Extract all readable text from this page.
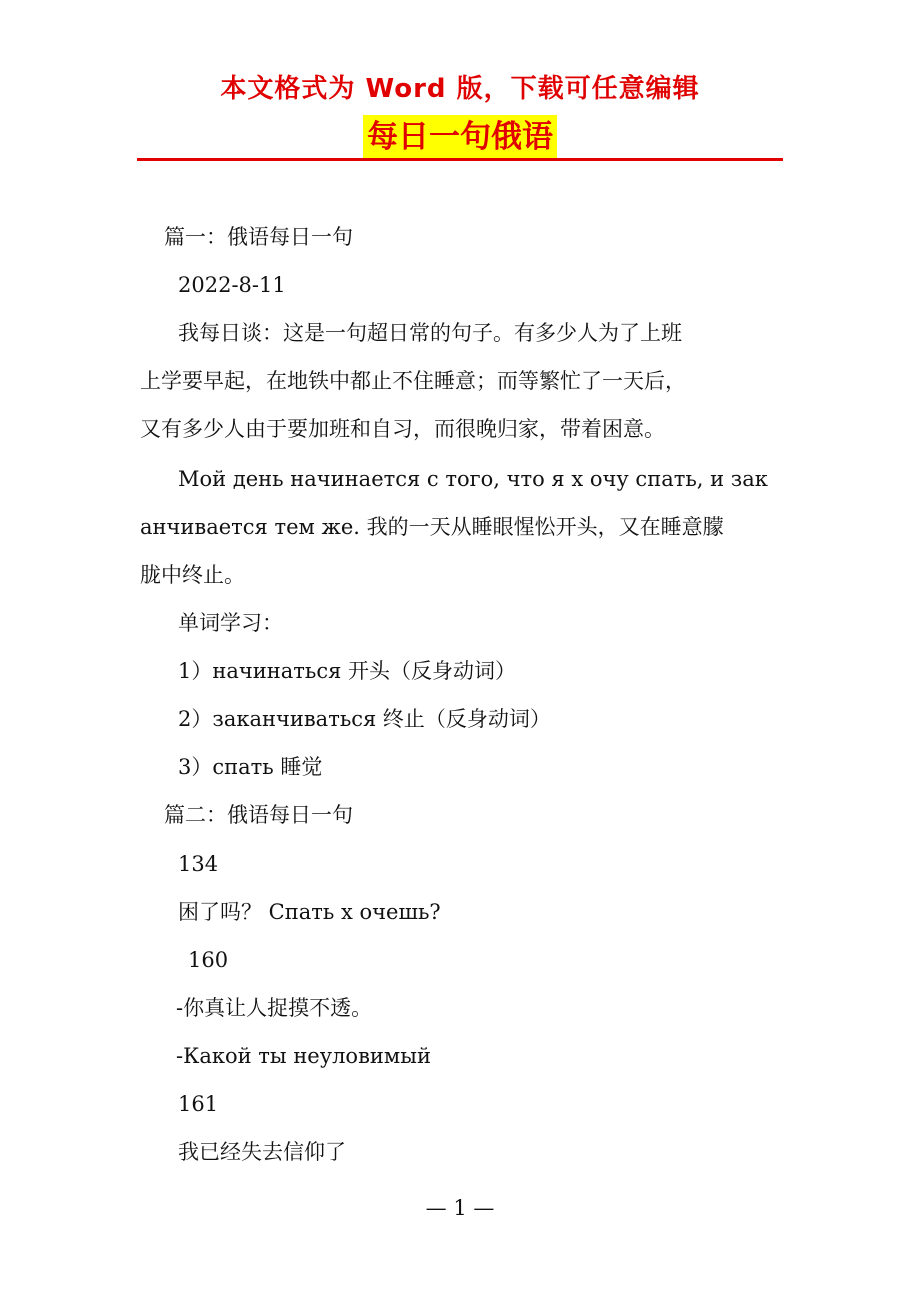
本文格式为 Word 版，下载可任意编辑
每日一句俄语
篇一：俄语每日一句
2022-8-11
我每日谈：这是一句超日常的句子。有多少人为了上班
上学要早起，在地铁中都止不住睡意；而等繁忙了一天后，
又有多少人由于要加班和自习，而很晚归家，带着困意。
Мой день начинается с того, что я х очу спать, и зак
анчивается тем же. 我的一天从睡眼惺忪开头，又在睡意朦
胧中终止。
单词学习：
1）начинаться 开头（反身动词）
2）заканчиваться 终止（反身动词）
3）спать 睡觉
篇二：俄语每日一句
134
困了吗？ Спать х очешь?
160
-你真让人捉摸不透。
-Какой ты неуловимый
161
我已经失去信仰了
— 1 —
